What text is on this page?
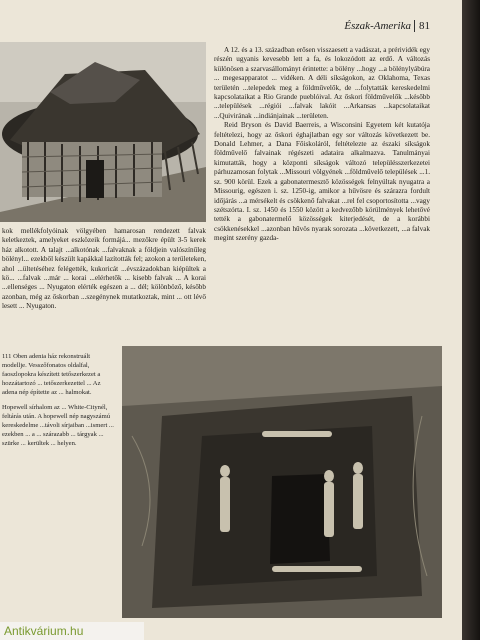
Észak-Amerika 81

kok mellékfolyóinak völgyében hamarosan rendezett falvak keletkeztek, amelyeket eszközeik formájá... mezőkre épült 3-5 kerek ház alkotott. A talajt ...alkotónak ...falvaknak a földjein valószínűleg bölényl... ezekből készült kapákkal lazították fel; azokon a területeken, ahol ...ültetéséhez felégették, kukoricát ...évszázadokban kiépültek a kö... ...falvak ...már ... korai ...elérhetők ... kisebb falvak ... A korai ...ellenséges ... Nyugaton elérték egészen a ... dél; kölönböző, később azonban, még az őskorban ...szegénynek mutatkoztak, mint ... ott lévő lesett ... Nyugaton.

A 12. és a 13. században erősen visszaesett a vadászat, a prérividék egy részén ugyanis kevesebb lett a fa, és lokozódott az erdő. A változás különösen a szarvasállományt érintette: a bölény ...hogy ...a bölénylyábúra ... megesapparatot ... vidéken. A déli síkságokon, az Oklahoma, Texas területén ...telepedek meg a földművelők, de ...folytatták kereskedelmi kapcsolataikat a Rio Grande pueblóival. Az őskori földművelők ...később ...települések ...régiói ...falvak lakóit ...Arkansas ...kapcsolataikat ...Quivirának ...indiánjainak ...területen.

Reid Bryson és David Baerreis, a Wisconsini Egyetem két kutatója feltételezi, hogy az őskori éghajlatban egy sor változás következett be. Donald Lehmer, a Dana Főiskoláról, feltételezte az északi síkságok földművelő falvainak régészeti adataira alkalmazva. Tanulmányai kimutatták, hogy a központi síkságok változó településszerkezetei párhuzamosan folytak ...Missouri völgyének ...földművelő települések ...1. sz. 900 körül. Ezek a gabonatermesztő közösségek felnyúltak nyugatra a Missourig, egészen i. sz. 1250-ig, amikor a hűvösre és szárazra fordult időjárás ...a mérsékelt és csökkenő falvakat ...rel fel csoportosította ...vagy szétszórta. I. sz. 1450 és 1550 között a kedvezőbb körülmények lehetővé tették a gabonatermelő közösségek kiterjedését, de a korábbi csökkenésekkel ...azonban hűvös nyarak sorozata ...következett, ...a falvak megint szerény gazda-

111 Oben adenia ház rekonstruált modellje. Vesszőfonatos oldalfal, faoszlopokra készített tetőszerkezet a hozzátartozó ... tetőszerkezettel ... Az adena nép építette az ... halmokat.

Hopewell sírhalom az ... White-Citynél, feltárás után. A hopewell nép nagyszámú kereskedelme ...távoli sírjaiban ...ismert ... ezekben ... a ... szárazabb ... tárgyak ... szürke ... kerültek ... helyen.

Antikvárium.hu
